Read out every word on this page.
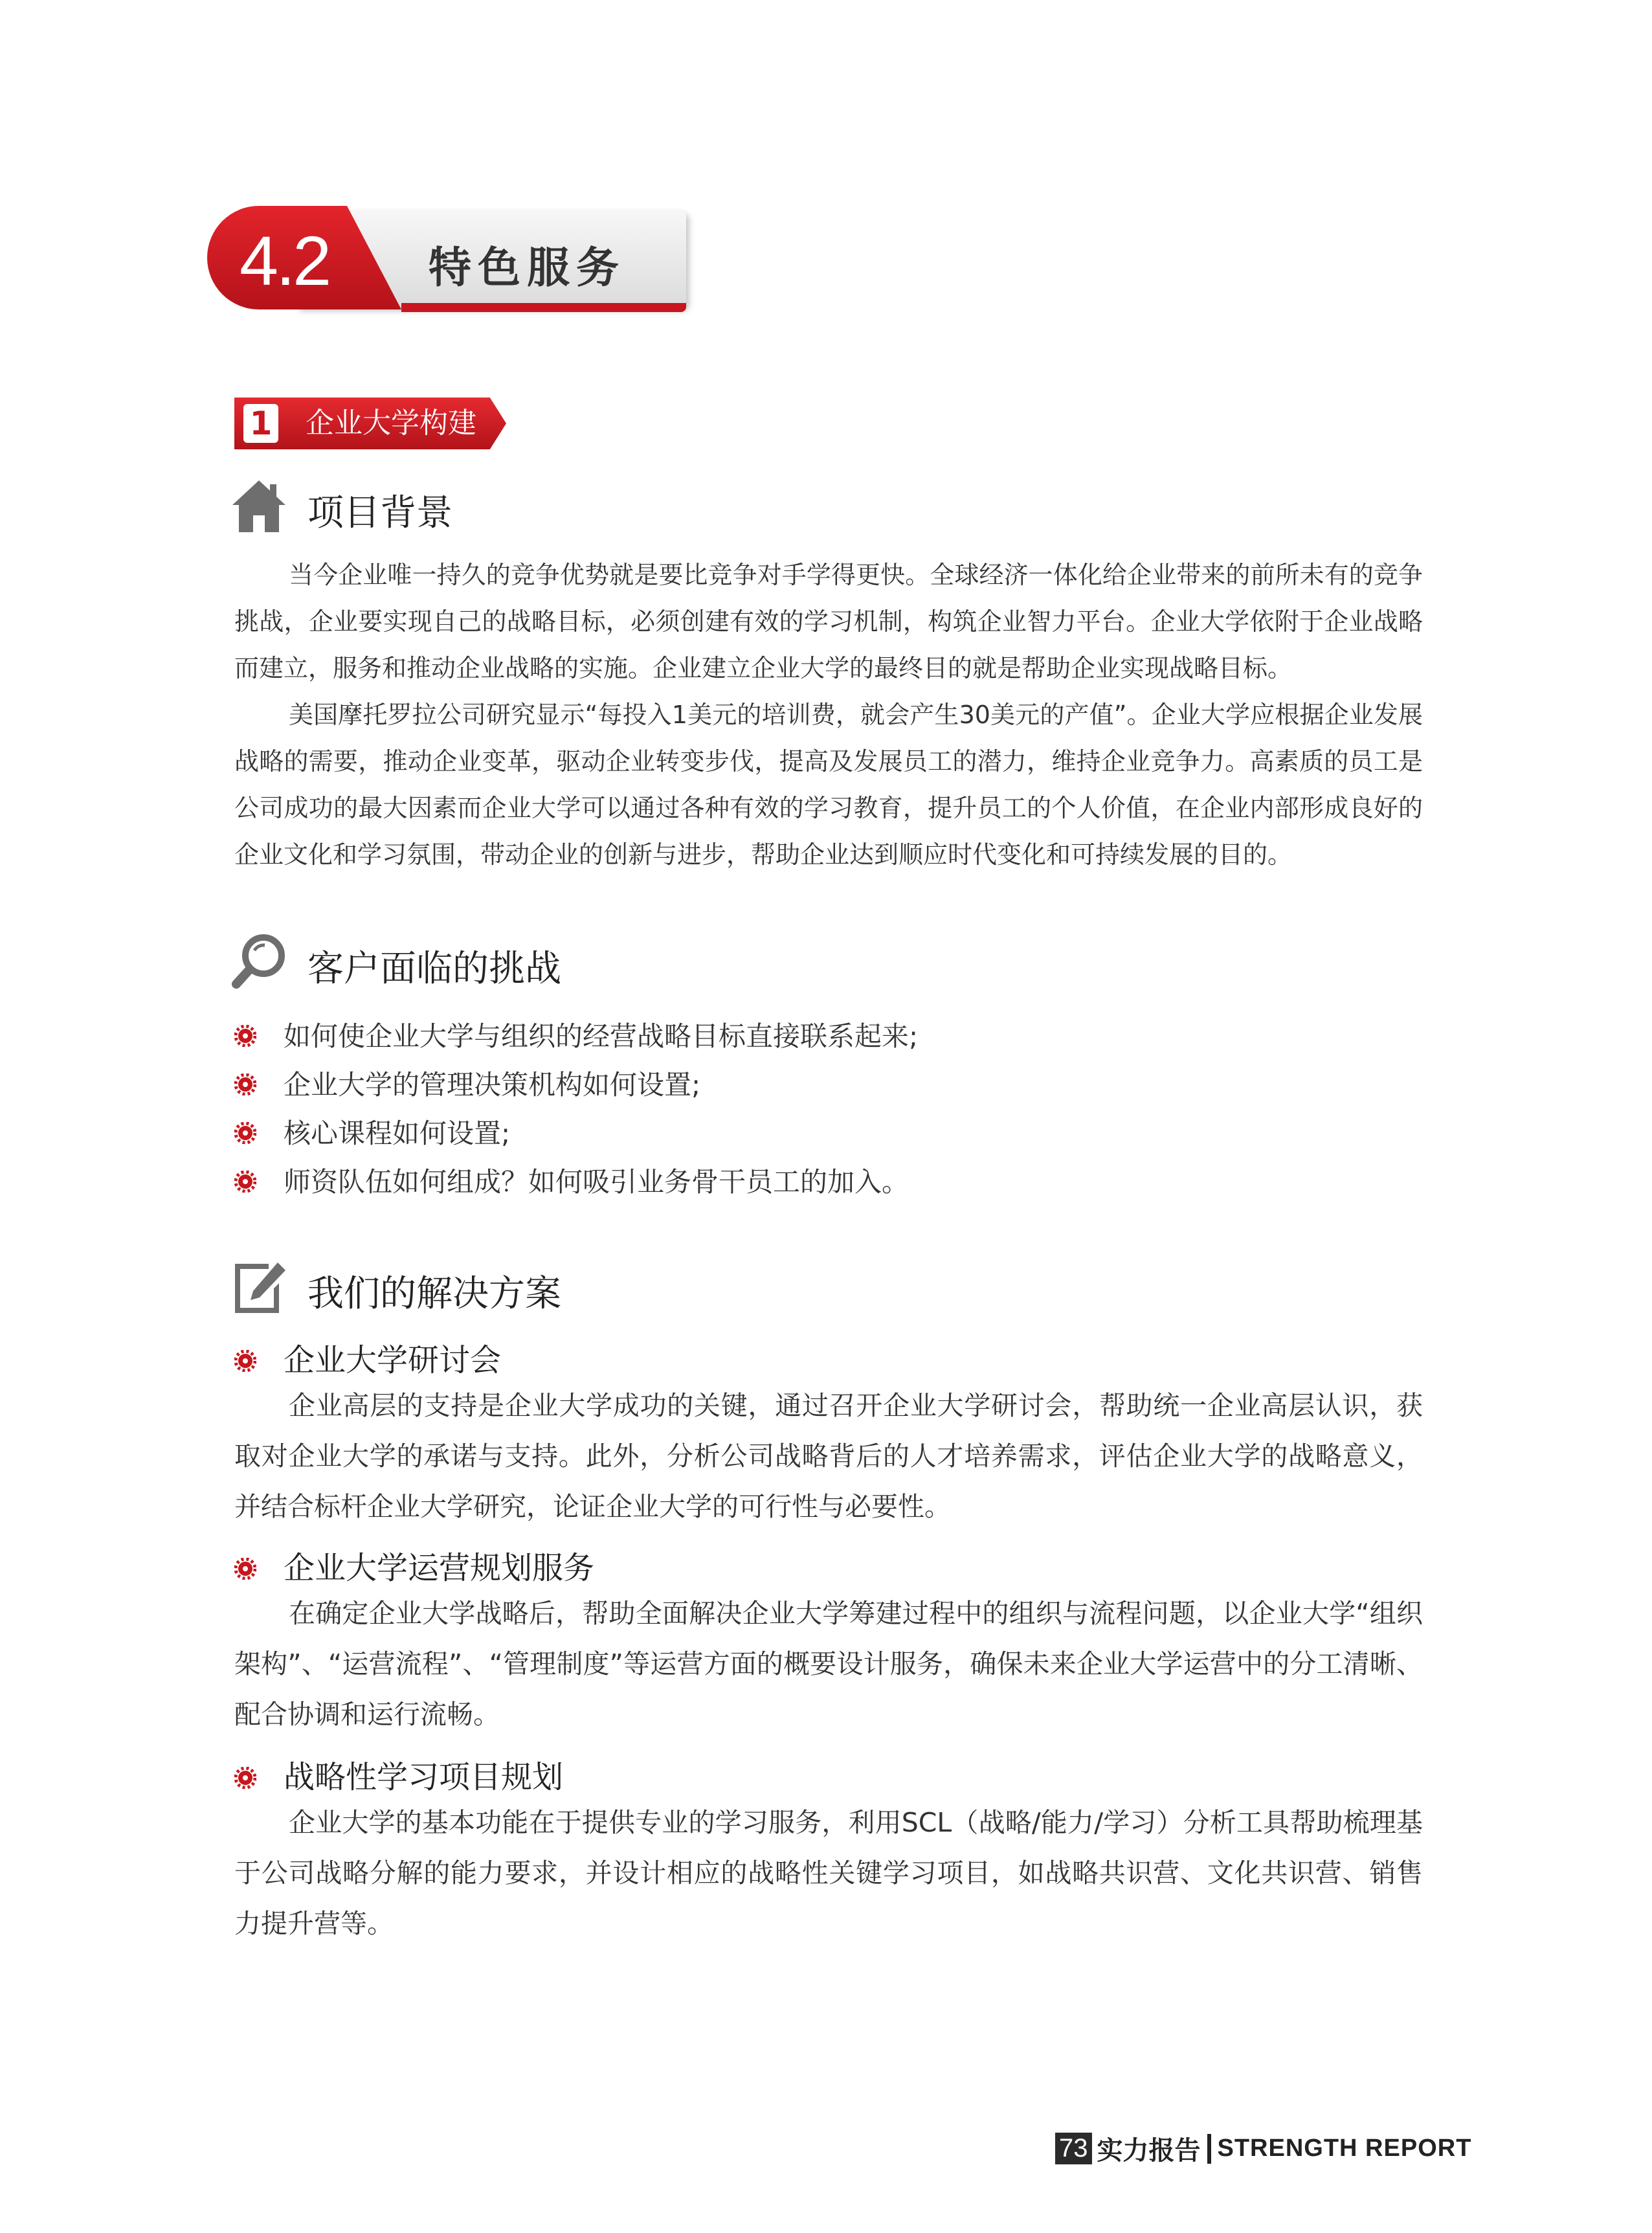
4.2 特色服务
1 企业大学构建
项目背景

当今企业唯一持久的竞争优势就是要比竞争对手学得更快。全球经济一体化给企业带来的前所未有的竞争挑战，企业要实现自己的战略目标，必须创建有效的学习机制，构筑企业智力平台。企业大学依附于企业战略而建立，服务和推动企业战略的实施。企业建立企业大学的最终目的就是帮助企业实现战略目标。

美国摩托罗拉公司研究显示“每投入1美元的培训费，就会产生30美元的产值”。企业大学应根据企业发展战略的需要，推动企业变革，驱动企业转变步伐，提高及发展员工的潜力，维持企业竞争力。高素质的员工是公司成功的最大因素而企业大学可以通过各种有效的学习教育，提升员工的个人价值，在企业内部形成良好的企业文化和学习氛围，带动企业的创新与进步，帮助企业达到顺应时代变化和可持续发展的目的。

客户面临的挑战
如何使企业大学与组织的经营战略目标直接联系起来;
企业大学的管理决策机构如何设置;
核心课程如何设置;
师资队伍如何组成？如何吸引业务骨干员工的加入。
我们的解决方案
企业大学研讨会

企业高层的支持是企业大学成功的关键，通过召开企业大学研讨会，帮助统一企业高层认识，获取对企业大学的承诺与支持。此外，分析公司战略背后的人才培养需求，评估企业大学的战略意义，并结合标杆企业大学研究，论证企业大学的可行性与必要性。

企业大学运营规划服务

在确定企业大学战略后，帮助全面解决企业大学筹建过程中的组织与流程问题，以企业大学“组织架构”、“运营流程”、“管理制度”等运营方面的概要设计服务，确保未来企业大学运营中的分工清晰、配合协调和运行流畅。

战略性学习项目规划

企业大学的基本功能在于提供专业的学习服务，利用SCL（战略/能力/学习）分析工具帮助梳理基于公司战略分解的能力要求，并设计相应的战略性关键学习项目，如战略共识营、文化共识营、销售力提升营等。

73 实力报告 STRENGTH REPORT
